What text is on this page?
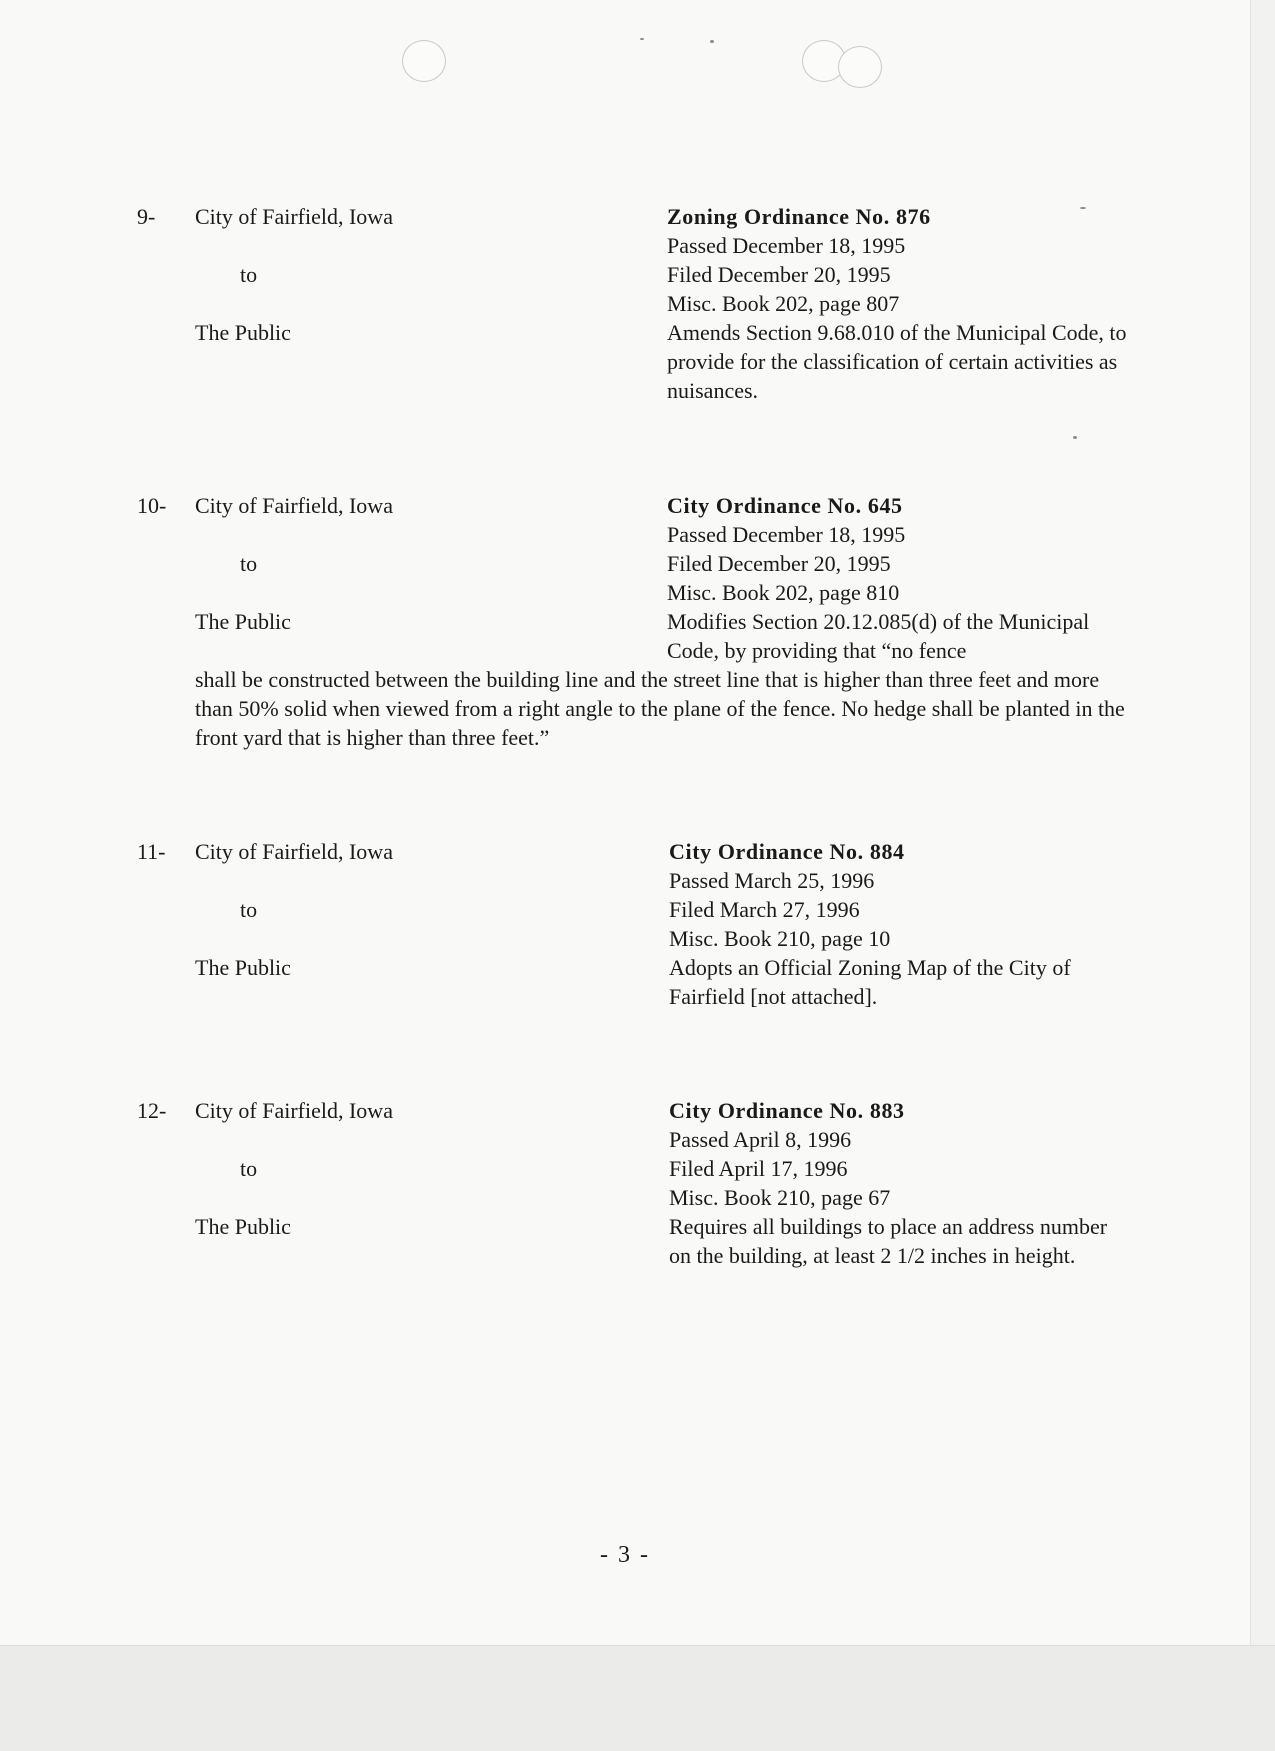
9- City of Fairfield, Iowa
to
The Public
Zoning Ordinance No. 876
Passed December 18, 1995
Filed December 20, 1995
Misc. Book 202, page 807
Amends Section 9.68.010 of the Municipal Code, to provide for the classification of certain activities as nuisances.
10- City of Fairfield, Iowa
to
The Public
City Ordinance No. 645
Passed December 18, 1995
Filed December 20, 1995
Misc. Book 202, page 810
Modifies Section 20.12.085(d) of the Municipal Code, by providing that “no fence
shall be constructed between the building line and the street line that is higher than three feet and more than 50% solid when viewed from a right angle to the plane of the fence. No hedge shall be planted in the front yard that is higher than three feet.”
11- City of Fairfield, Iowa
to
The Public
City Ordinance No. 884
Passed March 25, 1996
Filed March 27, 1996
Misc. Book 210, page 10
Adopts an Official Zoning Map of the City of Fairfield [not attached].
12- City of Fairfield, Iowa
to
The Public
City Ordinance No. 883
Passed April 8, 1996
Filed April 17, 1996
Misc. Book 210, page 67
Requires all buildings to place an address number on the building, at least 2 1/2 inches in height.
- 3 -
